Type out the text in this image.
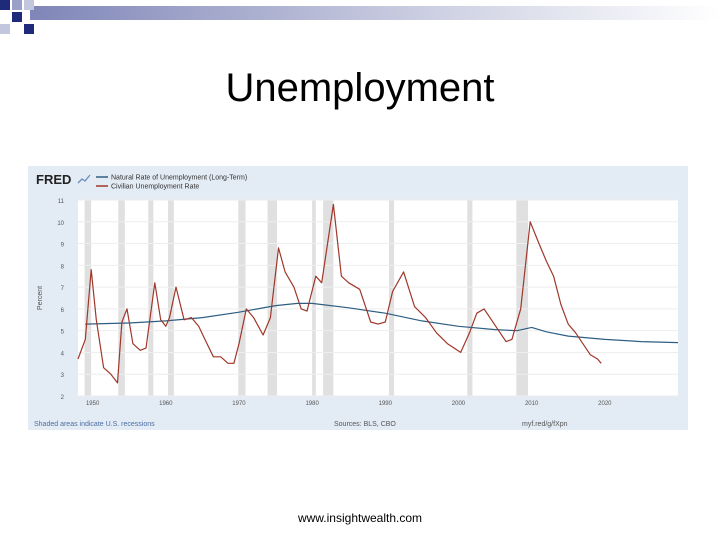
Unemployment
11
10
9
8
7
6
5
4
3
2
1950	1960	1970	1980	1990	2000	2010	2020
Percent
FRED	Natural Rate of Unemployment (Long-Term)
Civilian Unemployment Rate
Shaded areas indicate U.S. recessions	Sources: BLS, CBO	myf.red/g/fXpn
www.insightwealth.com
